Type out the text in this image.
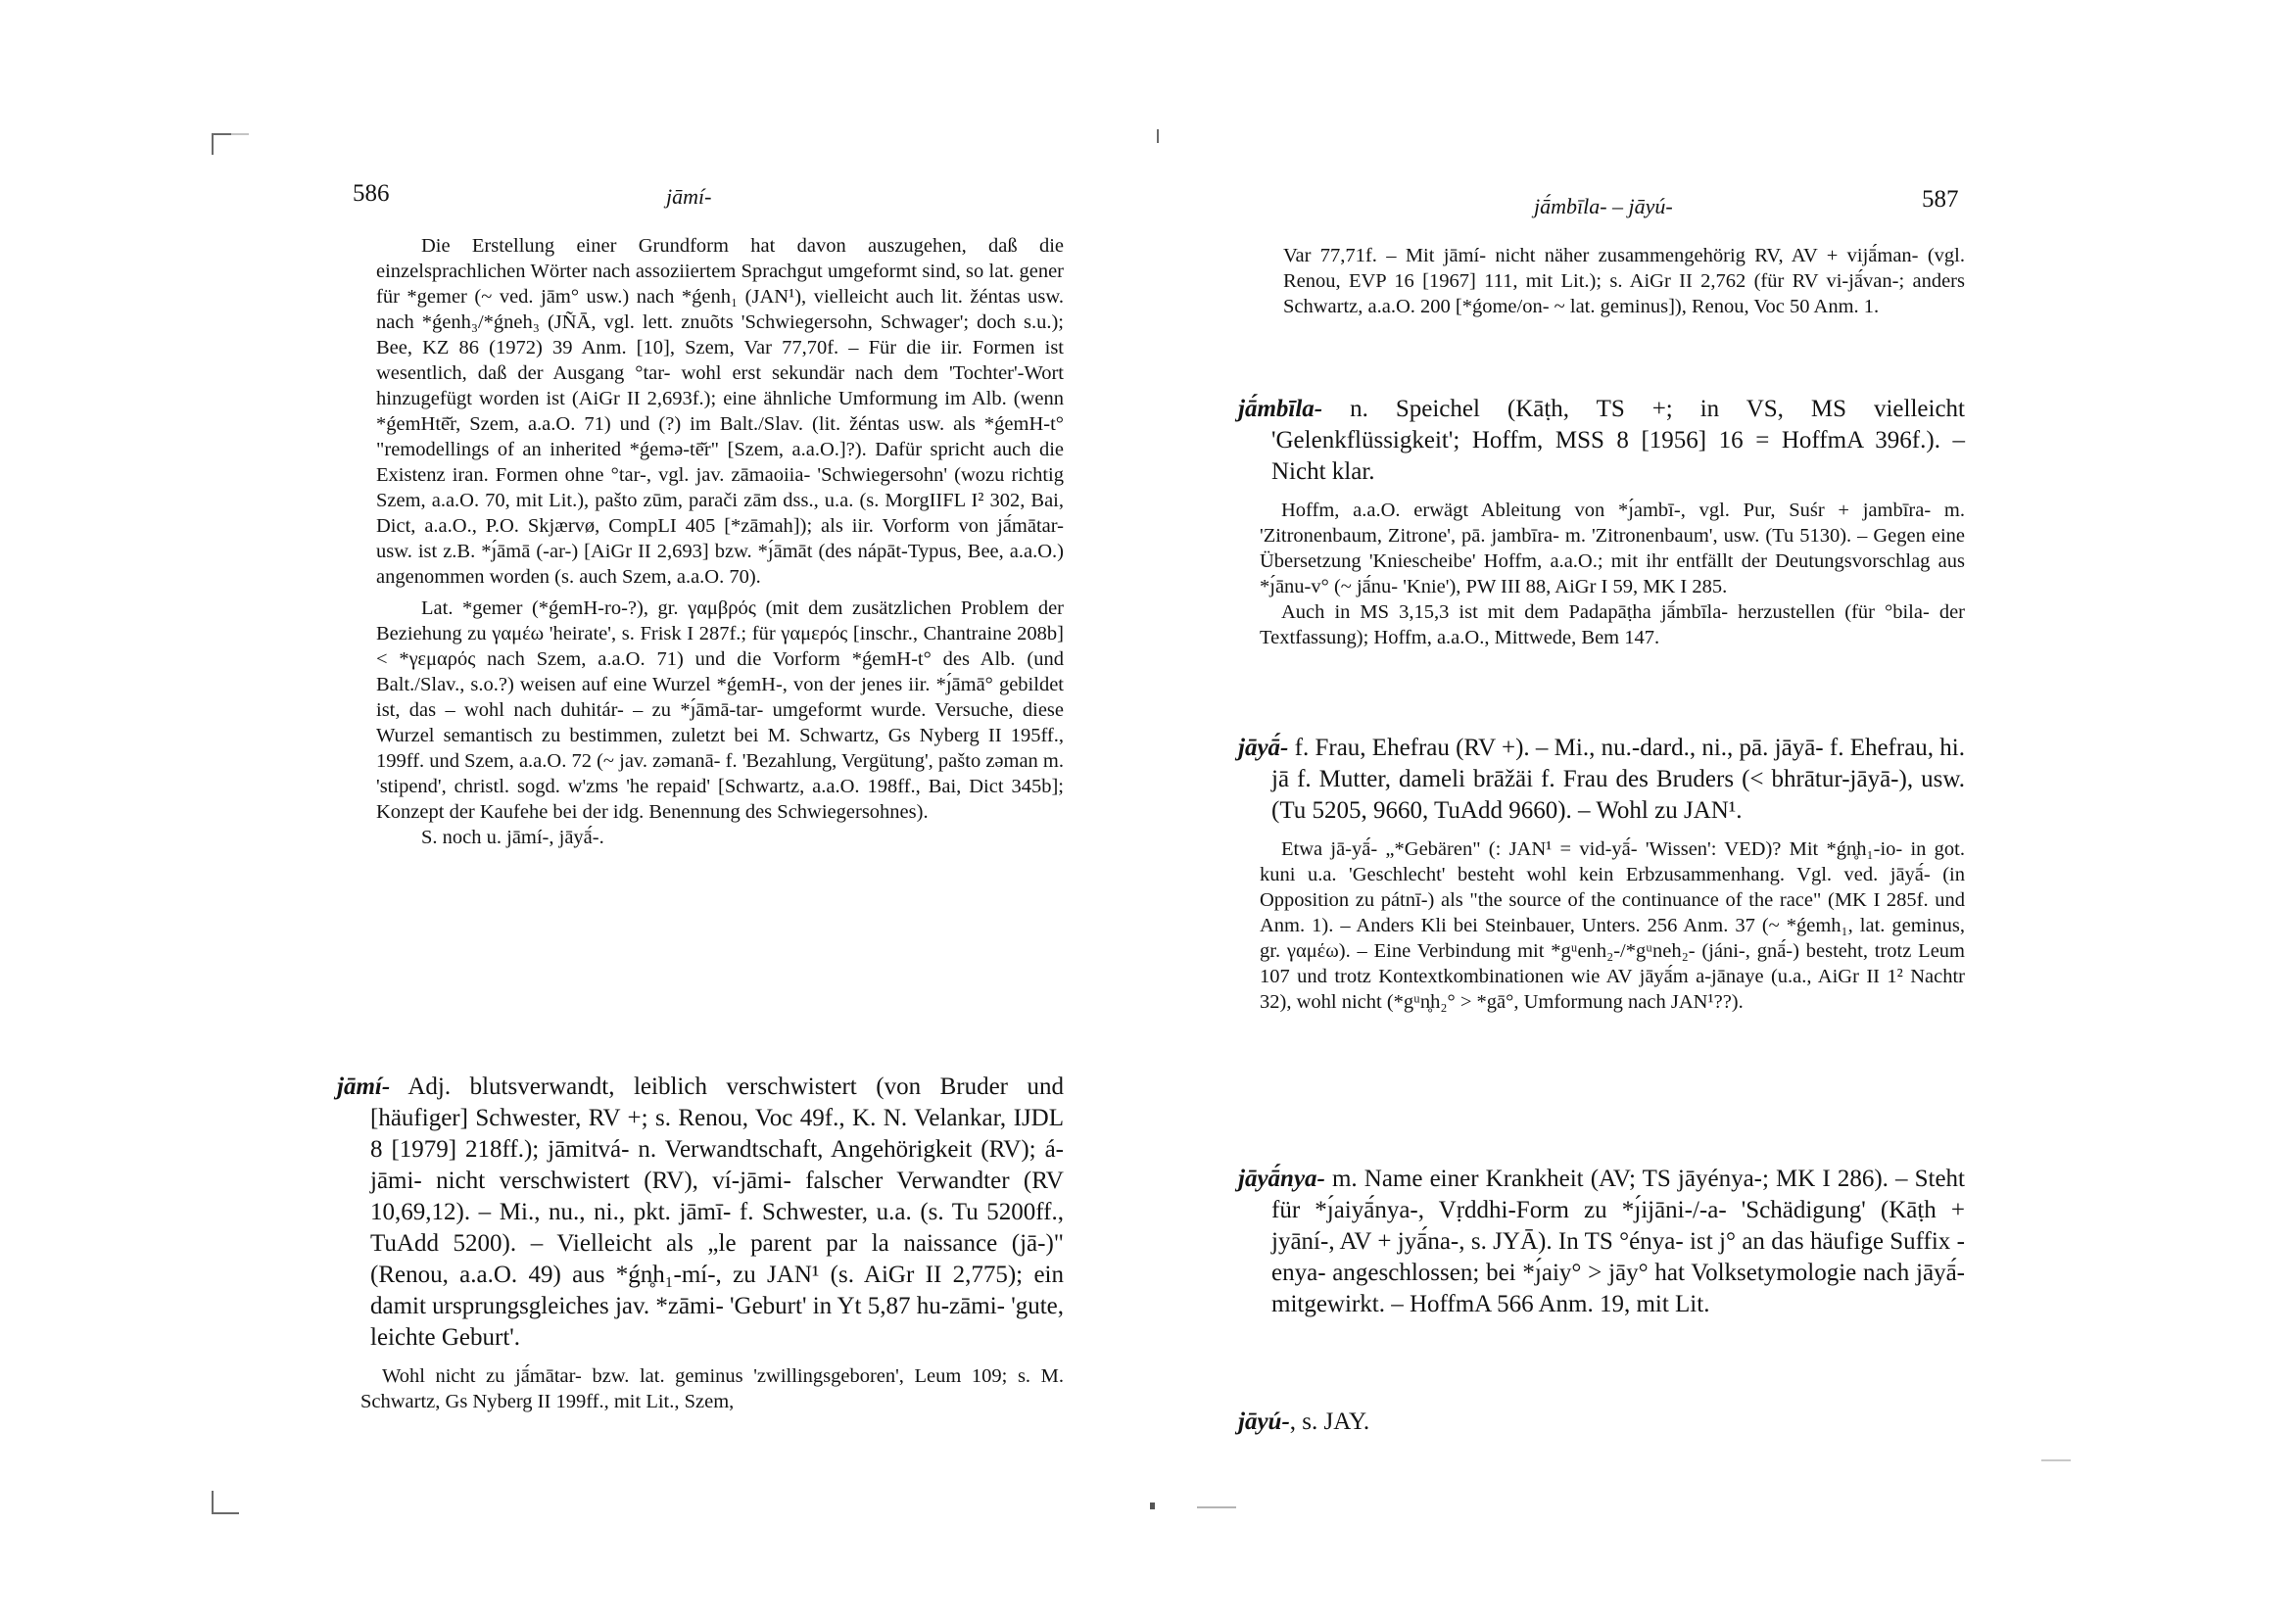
586	jāmí-

Die Erstellung einer Grundform hat davon auszugehen, daß die einzelsprachlichen Wörter nach assoziiertem Sprachgut umgeformt sind, so lat. gener für *gemer (~ ved. jām° usw.) nach *ǵenh₁ (JAN¹), vielleicht auch lit. žéntas usw. nach *ǵenh₃/*ǵneh₃ (JÑĀ, vgl. lett. znuõts 'Schwiegersohn, Schwager'; doch s.u.); Bee, KZ 86 (1972) 39 Anm. [10], Szem, Var 77,70f. – Für die iir. Formen ist wesentlich, daß der Ausgang °tar- wohl erst sekundär nach dem 'Tochter'-Wort hinzugefügt worden ist (AiGr II 2,693f.); eine ähnliche Umformung im Alb. (wenn *ǵemHtē̆r, Szem, a.a.O. 71) und (?) im Balt./Slav. (lit. žéntas usw. als *ǵemH-t° "remodellings of an inherited *ǵemə-tē̆r" [Szem, a.a.O.]?). Dafür spricht auch die Existenz iran. Formen ohne °tar-, vgl. jav. zāmaoiia- 'Schwiegersohn' (wozu richtig Szem, a.a.O. 70, mit Lit.), pašto zūm, parači zām dss., u.a. (s. MorgIIFL I² 302, Bai, Dict, a.a.O., P.O. Skjærvø, CompLI 405 [*zāmah]); als iir. Vorform von jā́mātar- usw. ist z.B. *ȷ́āmā (-ar-) [AiGr II 2,693] bzw. *ȷ́āmāt (des nápāt-Typus, Bee, a.a.O.) angenommen worden (s. auch Szem, a.a.O. 70).

Lat. *gemer (*ǵemH-ro-?), gr. γαμβρός (mit dem zusätzlichen Problem der Beziehung zu γαμέω 'heirate', s. Frisk I 287f.; für γαμερός [inschr., Chantraine 208b] < *γεμαρός nach Szem, a.a.O. 71) und die Vorform *ǵemH-t° des Alb. (und Balt./Slav., s.o.?) weisen auf eine Wurzel *ǵemH-, von der jenes iir. *ȷ́āmā° gebildet ist, das – wohl nach duhitár- – zu *ȷ́āmā-tar- umgeformt wurde. Versuche, diese Wurzel semantisch zu bestimmen, zuletzt bei M. Schwartz, Gs Nyberg II 195ff., 199ff. und Szem, a.a.O. 72 (~ jav. zəmanā- f. 'Bezahlung, Vergütung', pašto zəman m. 'stipend', christl. sogd. w'zms 'he repaid' [Schwartz, a.a.O. 198ff., Bai, Dict 345b]; Konzept der Kaufehe bei der idg. Benennung des Schwiegersohnes).

S. noch u. jāmí-, jāyā́-.

jāmí- Adj. blutsverwandt, leiblich verschwistert (von Bruder und [häufiger] Schwester, RV +; s. Renou, Voc 49f., K. N. Velankar, IJDL 8 [1979] 218ff.); jāmitvá- n. Verwandtschaft, Angehörigkeit (RV); á-jāmi- nicht verschwistert (RV), ví-jāmi- falscher Verwandter (RV 10,69,12). – Mi., nu., ni., pkt. jāmī- f. Schwester, u.a. (s. Tu 5200ff., TuAdd 5200). – Vielleicht als „le parent par la naissance (jā-)" (Renou, a.a.O. 49) aus *ǵn̥h₁-mí-, zu JAN¹ (s. AiGr II 2,775); ein damit ursprungsgleiches jav. *zāmi- 'Geburt' in Yt 5,87 hu-zāmi- 'gute, leichte Geburt'.

Wohl nicht zu jā́mātar- bzw. lat. geminus 'zwillingsgeboren', Leum 109; s. M. Schwartz, Gs Nyberg II 199ff., mit Lit., Szem,

jā́mbīla- – jāyú-	587

Var 77,71f. – Mit jāmí- nicht näher zusammengehörig RV, AV + vijā́man- (vgl. Renou, EVP 16 [1967] 111, mit Lit.); s. AiGr II 2,762 (für RV vi-jā́van-; anders Schwartz, a.a.O. 200 [*ǵome/on- ~ lat. geminus]), Renou, Voc 50 Anm. 1.

jā́mbīla- n. Speichel (Kāṭh, TS +; in VS, MS vielleicht 'Gelenkflüssigkeit'; Hoffm, MSS 8 [1956] 16 = HoffmA 396f.). – Nicht klar.

Hoffm, a.a.O. erwägt Ableitung von *ȷ́ambī-, vgl. Pur, Suśr + jambīra- m. 'Zitronenbaum, Zitrone', pā. jambīra- m. 'Zitronenbaum', usw. (Tu 5130). – Gegen eine Übersetzung 'Kniescheibe' Hoffm, a.a.O.; mit ihr entfällt der Deutungsvorschlag aus *ȷ́ānu-v° (~ jā́nu- 'Knie'), PW III 88, AiGr I 59, MK I 285.

Auch in MS 3,15,3 ist mit dem Padapāṭha jā́mbīla- herzustellen (für °bila- der Textfassung); Hoffm, a.a.O., Mittwede, Bem 147.

jāyā́- f. Frau, Ehefrau (RV +). – Mi., nu.-dard., ni., pā. jāyā- f. Ehefrau, hi. jā f. Mutter, dameli brāžäi f. Frau des Bruders (< bhrātur-jāyā-), usw. (Tu 5205, 9660, TuAdd 9660). – Wohl zu JAN¹.

Etwa jā-yā́- „*Gebären" (: JAN¹ = vid-yā́- 'Wissen': VED)? Mit *ǵn̥h₁-io- in got. kuni u.a. 'Geschlecht' besteht wohl kein Erbzusammenhang. Vgl. ved. jāyā́- (in Opposition zu pátnī-) als "the source of the continuance of the race" (MK I 285f. und Anm. 1). – Anders Kli bei Steinbauer, Unters. 256 Anm. 37 (~ *ǵemh₁, lat. geminus, gr. γαμέω). – Eine Verbindung mit *gᵘenh₂-/*gᵘneh₂- (jáni-, gnā́-) besteht, trotz Leum 107 und trotz Kontextkombinationen wie AV jāyā́m a-jānaye (u.a., AiGr II 1² Nachtr 32), wohl nicht (*gᵘn̥h₂° > *gā°, Umformung nach JAN¹??).

jāyā́nya- m. Name einer Krankheit (AV; TS jāyényа-; MK I 286). – Steht für *ȷ́aiyā́nya-, Vṛddhi-Form zu *ȷ́ijāni-/-a- 'Schädigung' (Kāṭh + jyāní-, AV + jyā́na-, s. JYĀ). In TS °énya- ist j° an das häufige Suffix -enya- angeschlossen; bei *ȷ́aiy° > jāy° hat Volksetymologie nach jāyā́- mitgewirkt. – HoffmA 566 Anm. 19, mit Lit.

jāyú-, s. JAY.
